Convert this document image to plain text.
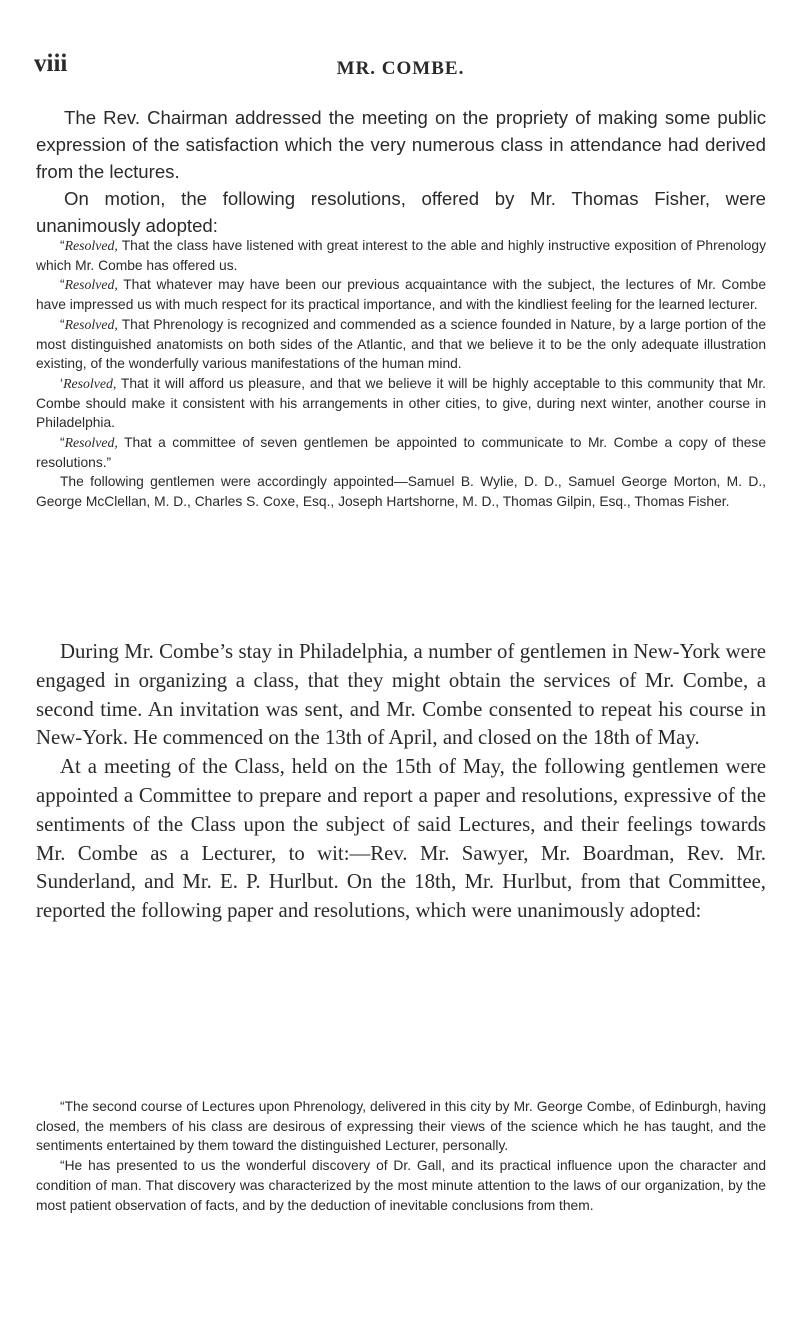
viii	MR. COMBE.

The Rev. Chairman addressed the meeting on the propriety of making some public expression of the satisfaction which the very numerous class in attendance had derived from the lectures.

On motion, the following resolutions, offered by Mr. Thomas Fisher, were unanimously adopted:

“Resolved, That the class have listened with great interest to the able and highly instructive exposition of Phrenology which Mr. Combe has offered us.

“Resolved, That whatever may have been our previous acquaintance with the subject, the lectures of Mr. Combe have impressed us with much respect for its practical importance, and with the kindliest feeling for the learned lecturer.

“Resolved, That Phrenology is recognized and commended as a science founded in Nature, by a large portion of the most distinguished anatomists on both sides of the Atlantic, and that we believe it to be the only adequate illustration existing, of the wonderfully various manifestations of the human mind.

‘Resolved, That it will afford us pleasure, and that we believe it will be highly acceptable to this community that Mr. Combe should make it consistent with his arrangements in other cities, to give, during next winter, another course in Philadelphia.

“Resolved, That a committee of seven gentlemen be appointed to communicate to Mr. Combe a copy of these resolutions.”

The following gentlemen were accordingly appointed—Samuel B. Wylie, D. D., Samuel George Morton, M. D., George McClellan, M. D., Charles S. Coxe, Esq., Joseph Hartshorne, M. D., Thomas Gilpin, Esq., Thomas Fisher.

During Mr. Combe’s stay in Philadelphia, a number of gentlemen in New-York were engaged in organizing a class, that they might obtain the services of Mr. Combe, a second time. An invitation was sent, and Mr. Combe consented to repeat his course in New-York. He commenced on the 13th of April, and closed on the 18th of May.

At a meeting of the Class, held on the 15th of May, the following gentlemen were appointed a Committee to prepare and report a paper and resolutions, expressive of the sentiments of the Class upon the subject of said Lectures, and their feelings towards Mr. Combe as a Lecturer, to wit:—Rev. Mr. Sawyer, Mr. Boardman, Rev. Mr. Sunderland, and Mr. E. P. Hurlbut. On the 18th, Mr. Hurlbut, from that Committee, reported the following paper and resolutions, which were unanimously adopted:

“The second course of Lectures upon Phrenology, delivered in this city by Mr. George Combe, of Edinburgh, having closed, the members of his class are desirous of expressing their views of the science which he has taught, and the sentiments entertained by them toward the distinguished Lecturer, personally.

“He has presented to us the wonderful discovery of Dr. Gall, and its practical influence upon the character and condition of man. That discovery was characterized by the most minute attention to the laws of our organization, by the most patient observation of facts, and by the deduction of inevitable conclusions from them.
